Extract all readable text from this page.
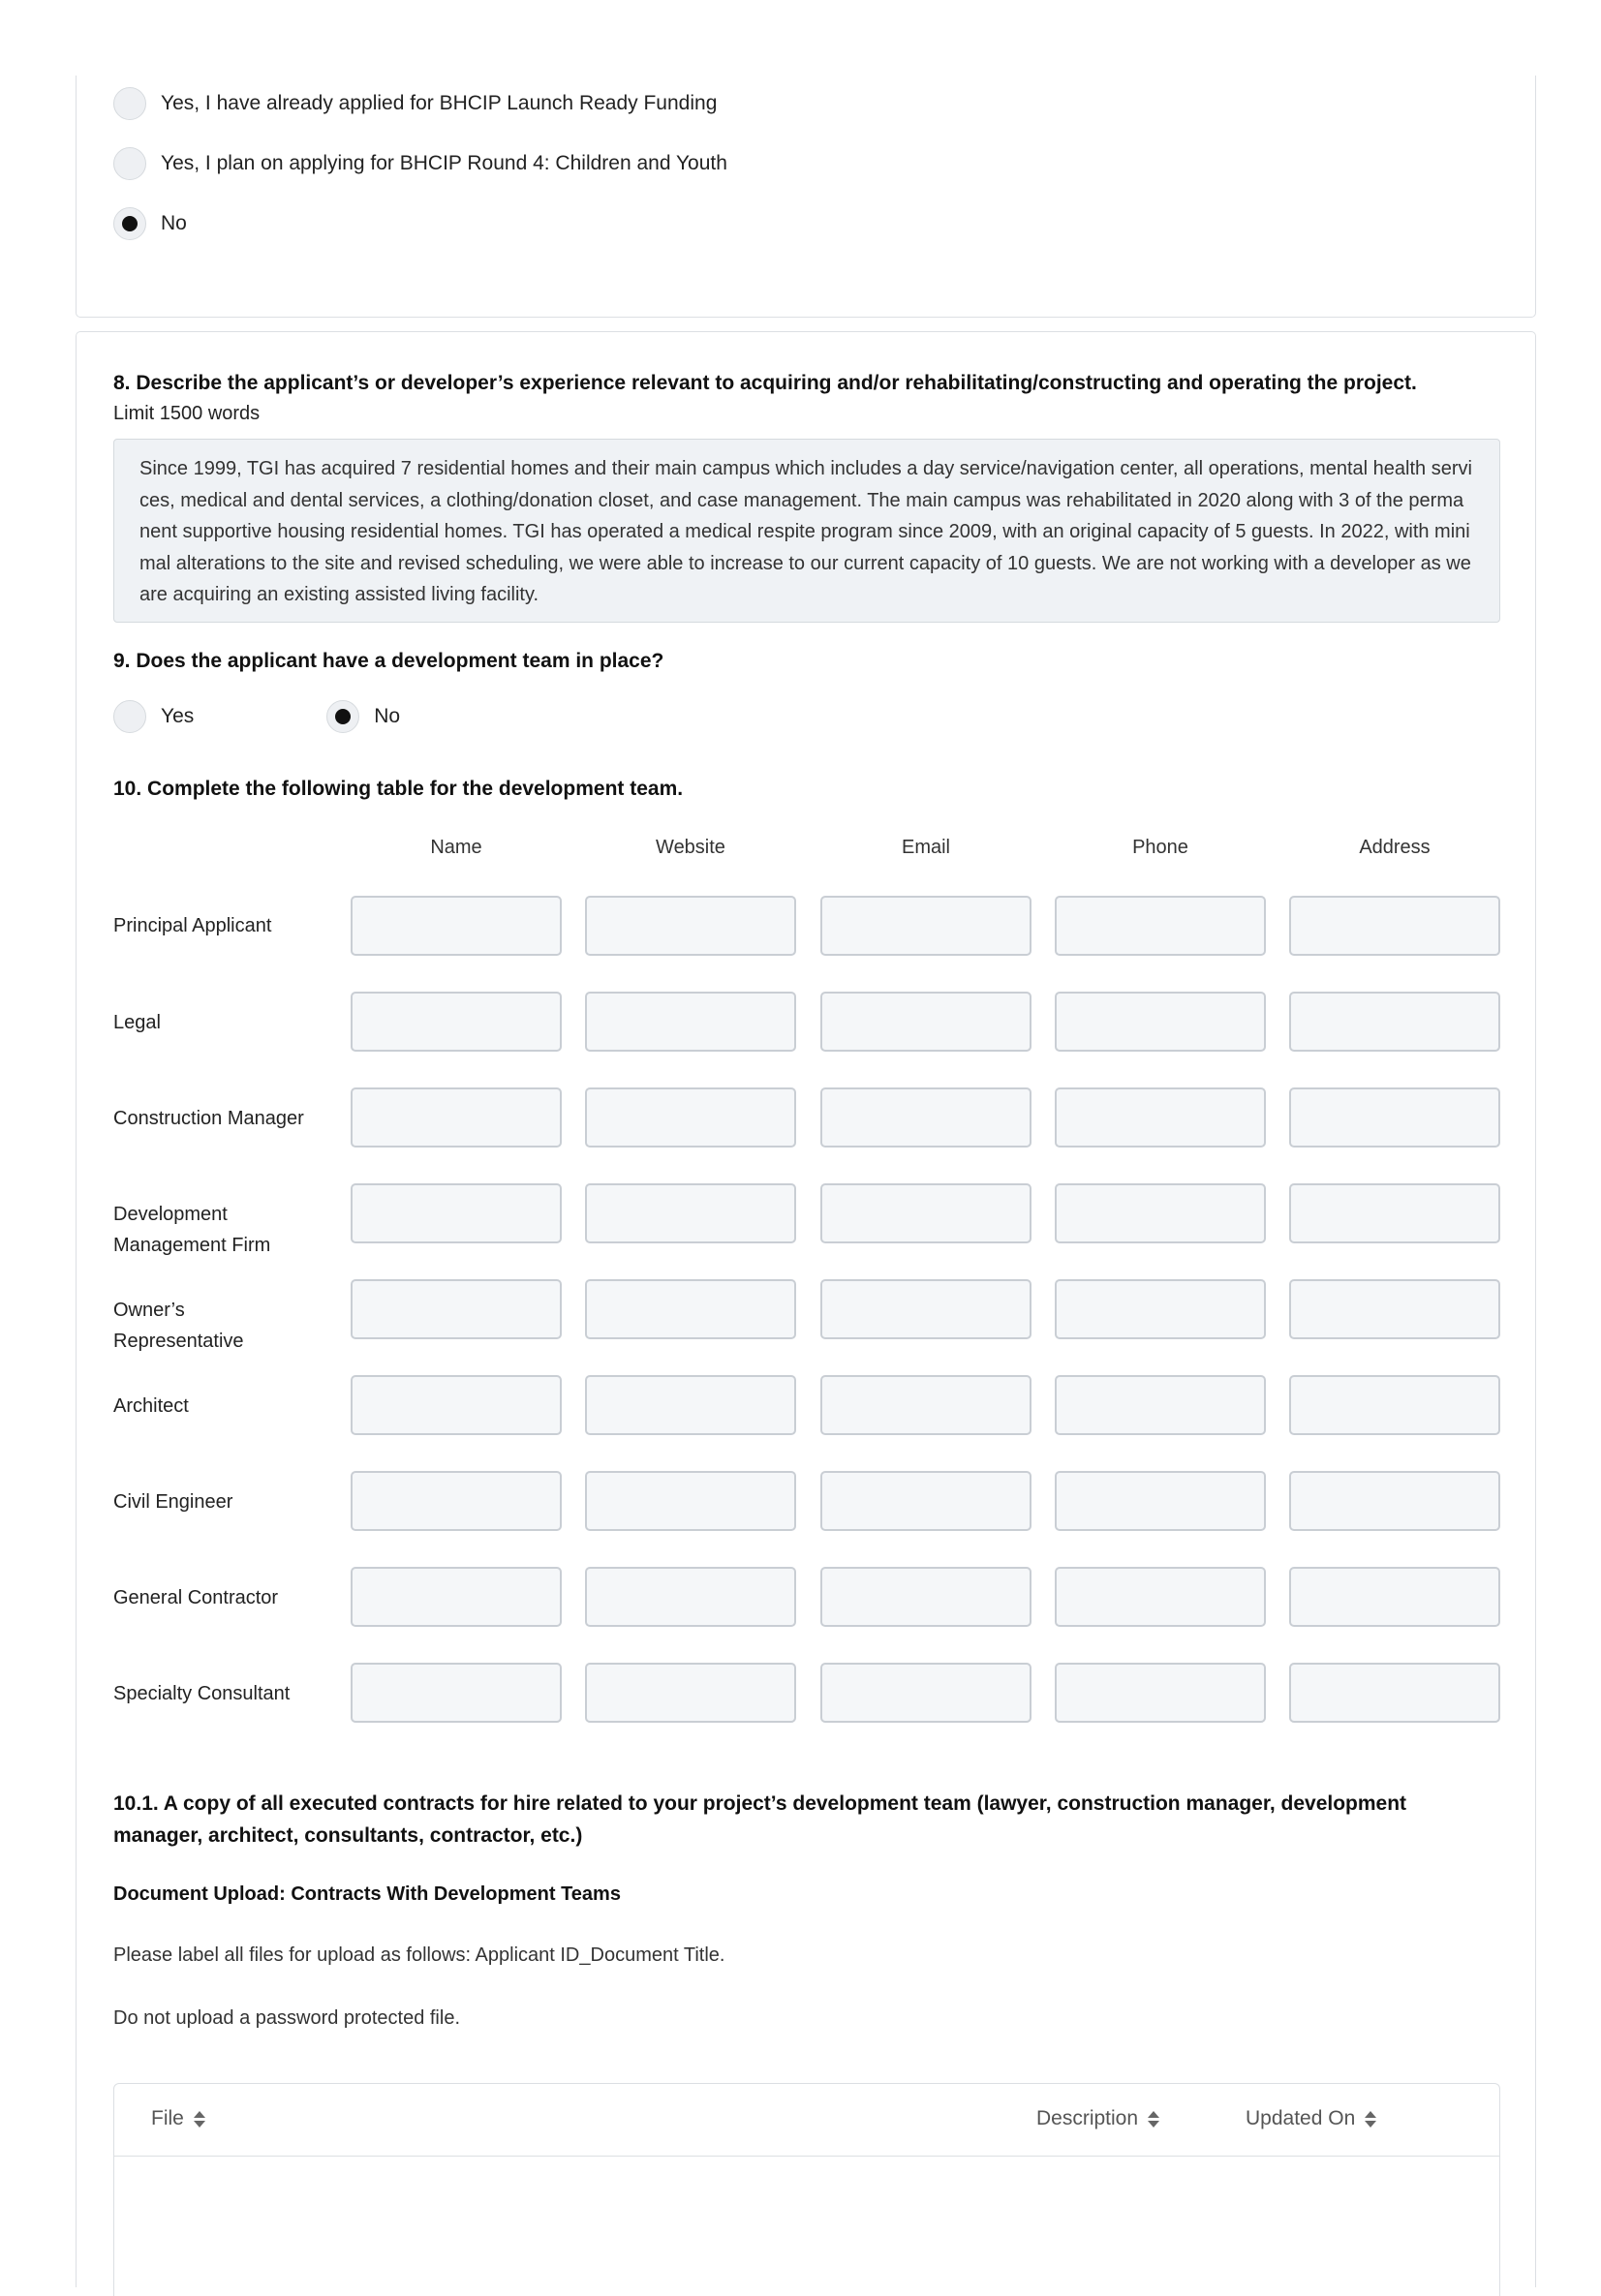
Yes, I have already applied for BHCIP Launch Ready Funding
Yes, I plan on applying for BHCIP Round 4: Children and Youth
No
8. Describe the applicant’s or developer’s experience relevant to acquiring and/or rehabilitating/constructing and operating the project.
Limit 1500 words
Since 1999, TGI has acquired 7 residential homes and their main campus which includes a day service/navigation center, all operations, mental health services, medical and dental services, a clothing/donation closet, and case management. The main campus was rehabilitated in 2020 along with 3 of the permanent supportive housing residential homes. TGI has operated a medical respite program since 2009, with an original capacity of 5 guests. In 2022, with minimal alterations to the site and revised scheduling, we were able to increase to our current capacity of 10 guests. We are not working with a developer as we are acquiring an existing assisted living facility.
9. Does the applicant have a development team in place?
Yes	No
10. Complete the following table for the development team.
Name	Website	Email	Phone	Address
Principal Applicant
Legal
Construction Manager
Development Management Firm
Owner’s Representative
Architect
Civil Engineer
General Contractor
Specialty Consultant
10.1. A copy of all executed contracts for hire related to your project’s development team (lawyer, construction manager, development manager, architect, consultants, contractor, etc.)
Document Upload: Contracts With Development Teams
Please label all files for upload as follows: Applicant ID_Document Title.
Do not upload a password protected file.
File	Description	Updated On
